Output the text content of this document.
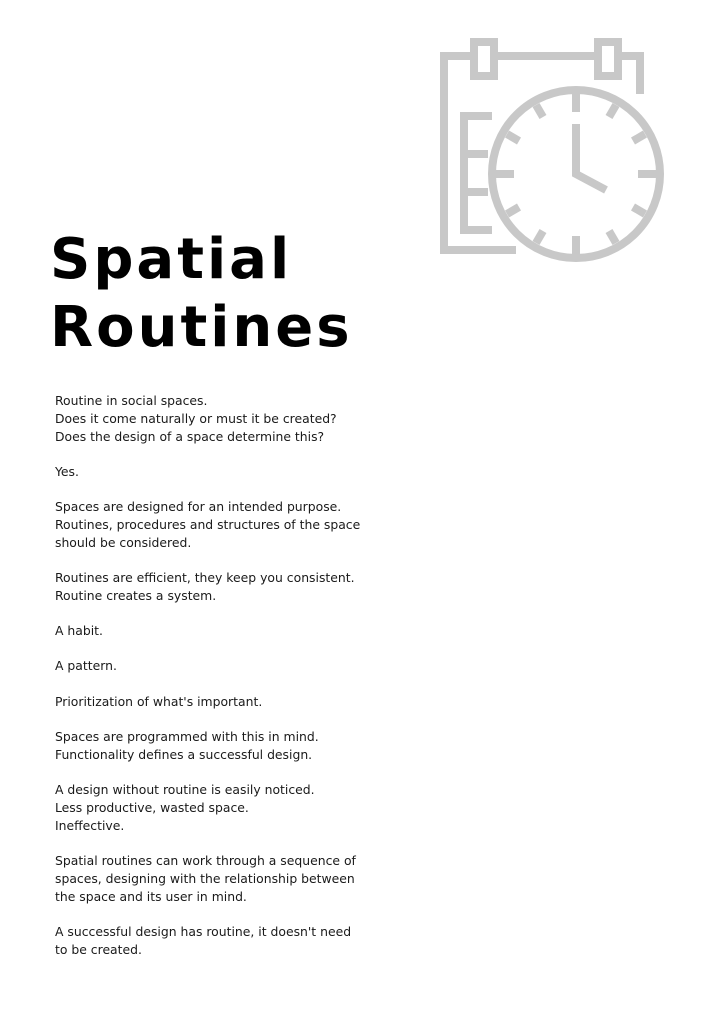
Spatial
Routines

Routine in social spaces.
Does it come naturally or must it be created?
Does the design of a space determine this?

Yes.

Spaces are designed for an intended purpose.
Routines, procedures and structures of the space
should be considered.

Routines are efficient, they keep you consistent.
Routine creates a system.

A habit.

A pattern.

Prioritization of what's important.

Spaces are programmed with this in mind.
Functionality defines a successful design.

A design without routine is easily noticed.
Less productive, wasted space.
Ineffective.

Spatial routines can work through a sequence of
spaces, designing with the relationship between
the space and its user in mind.

A successful design has routine, it doesn't need
to be created.
